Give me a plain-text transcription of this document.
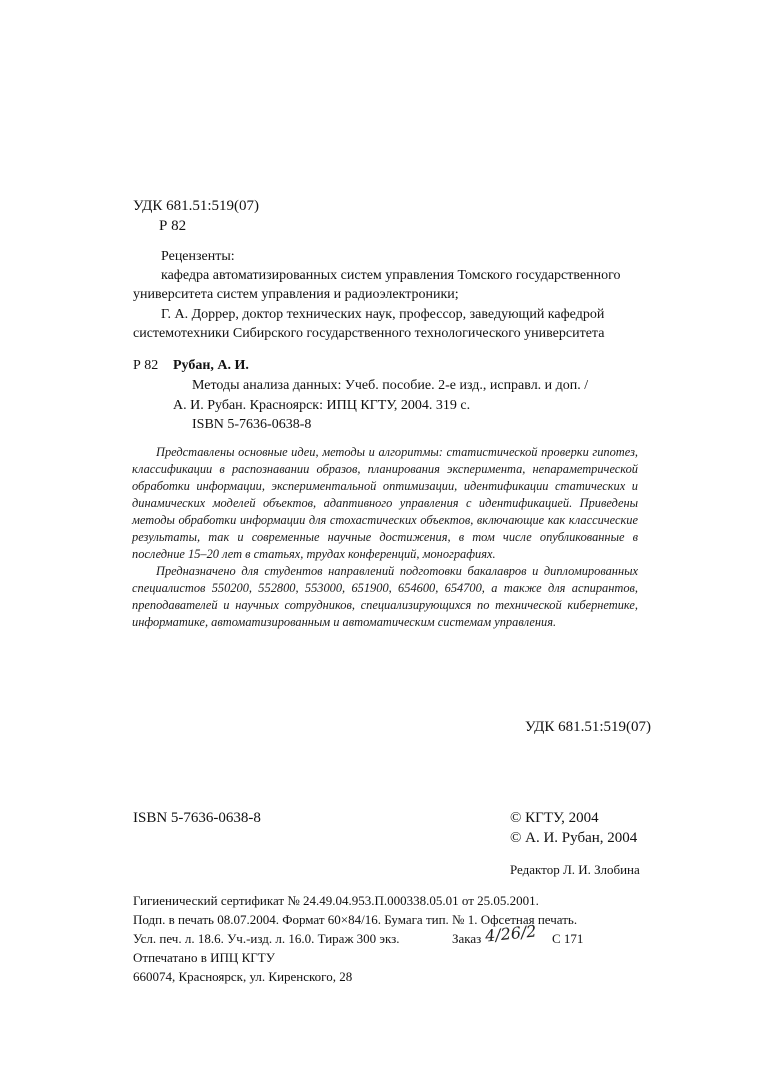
УДК 681.51:519(07)
Р 82
Рецензенты:
кафедра автоматизированных систем управления Томского государственного
университета систем управления и радиоэлектроники;
Г. А. Доррер, доктор технических наук, профессор, заведующий кафедрой
системотехники Сибирского государственного технологического университета
Р 82 Рубан, А. И.
Методы анализа данных: Учеб. пособие. 2-е изд., исправл. и доп. /
А. И. Рубан. Красноярск: ИПЦ КГТУ, 2004. 319 с.
ISBN 5-7636-0638-8

Представлены основные идеи, методы и алгоритмы: статистической проверки гипотез, классификации в распознавании образов, планирования эксперимента, непараметрической обработки информации, экспериментальной оптимизации, идентификации статических и динамических моделей объектов, адаптивного управления с идентификацией. Приведены методы обработки информации для стохастических объектов, включающие как классические результаты, так и современные научные достижения, в том числе опубликованные в последние 15–20 лет в статьях, трудах конференций, монографиях.

Предназначено для студентов направлений подготовки бакалавров и дипломированных специалистов 550200, 552800, 553000, 651900, 654600, 654700, а также для аспирантов, преподавателей и научных сотрудников, специализирующихся по технической кибернетике, информатике, автоматизированным и автоматическим системам управления.

УДК 681.51:519(07)
ISBN 5-7636-0638-8	© КГТУ, 2004
© А. И. Рубан, 2004
Редактор Л. И. Злобина
Гигиенический сертификат № 24.49.04.953.П.000338.05.01 от 25.05.2001.
Подп. в печать 08.07.2004. Формат 60×84/16. Бумага тип. № 1. Офсетная печать.
Усл. печ. л. 18.6. Уч.-изд. л. 16.0. Тираж 300 экз.	Заказ 4/26/2 С 171
Отпечатано в ИПЦ КГТУ
660074, Красноярск, ул. Киренского, 28
